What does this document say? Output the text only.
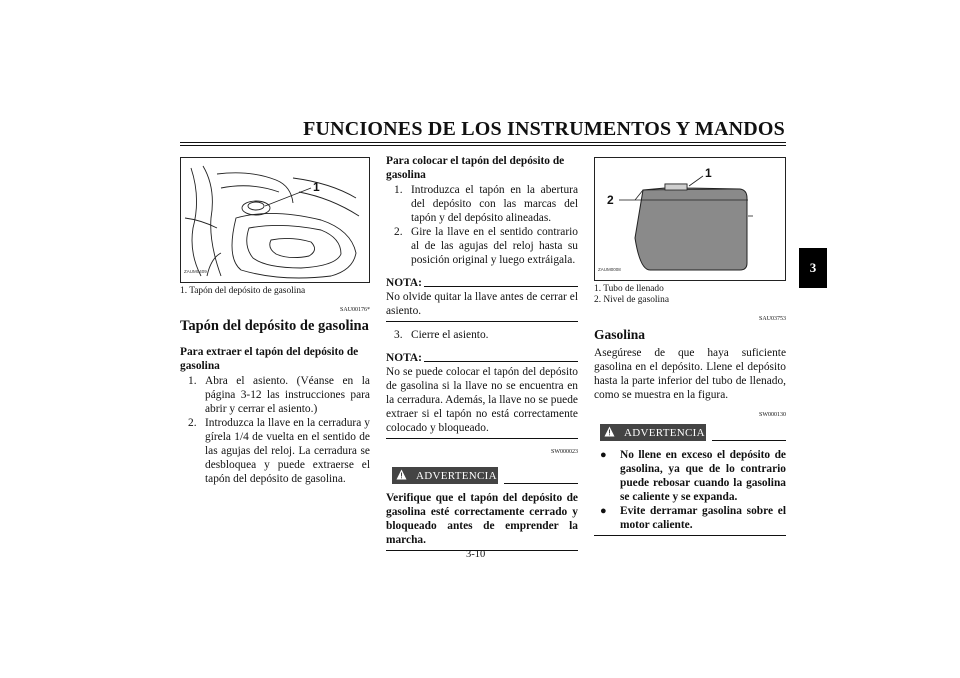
FUNCIONES DE LOS INSTRUMENTOS Y MANDOS
3
1
ZAUM0409
1. Tapón del depósito de gasolina
SAU00176*
Tapón del depósito de gasolina
Para extraer el tapón del depósito de gasolina
1. Abra el asiento. (Véanse en la página 3-12 las instrucciones para abrir y cerrar el asiento.)
2. Introduzca la llave en la cerradura y gírela 1/4 de vuelta en el sentido de las agujas del reloj. La cerradura se desbloquea y puede extraerse el tapón del depósito de gasolina.
Para colocar el tapón del depósito de gasolina
1. Introduzca el tapón en la abertura del depósito con las marcas del tapón y del depósito alineadas.
2. Gire la llave en el sentido contrario al de las agujas del reloj hasta su posición original y luego extráigala.
NOTA:

No olvide quitar la llave antes de cerrar el asiento.

3. Cierre el asiento.
NOTA:

No se puede colocar el tapón del depósito de gasolina si la llave no se encuentra en la cerradura. Además, la llave no se puede extraer si el tapón no está correctamente colocado y bloqueado.

SW000023
ADVERTENCIA
Verifique que el tapón del depósito de gasolina esté correctamente cerrado y bloqueado antes de emprender la marcha.
1
2
ZAUM0008
1. Tubo de llenado
2. Nivel de gasolina
SAU03753
Gasolina

Asegúrese de que haya suficiente gasolina en el depósito. Llene el depósito hasta la parte inferior del tubo de llenado, como se muestra en la figura.

SW000130
ADVERTENCIA
●	No llene en exceso el depósito de gasolina, ya que de lo contrario puede rebosar cuando la gasolina se caliente y se expanda.
●	Evite derramar gasolina sobre el motor caliente.
3-10
